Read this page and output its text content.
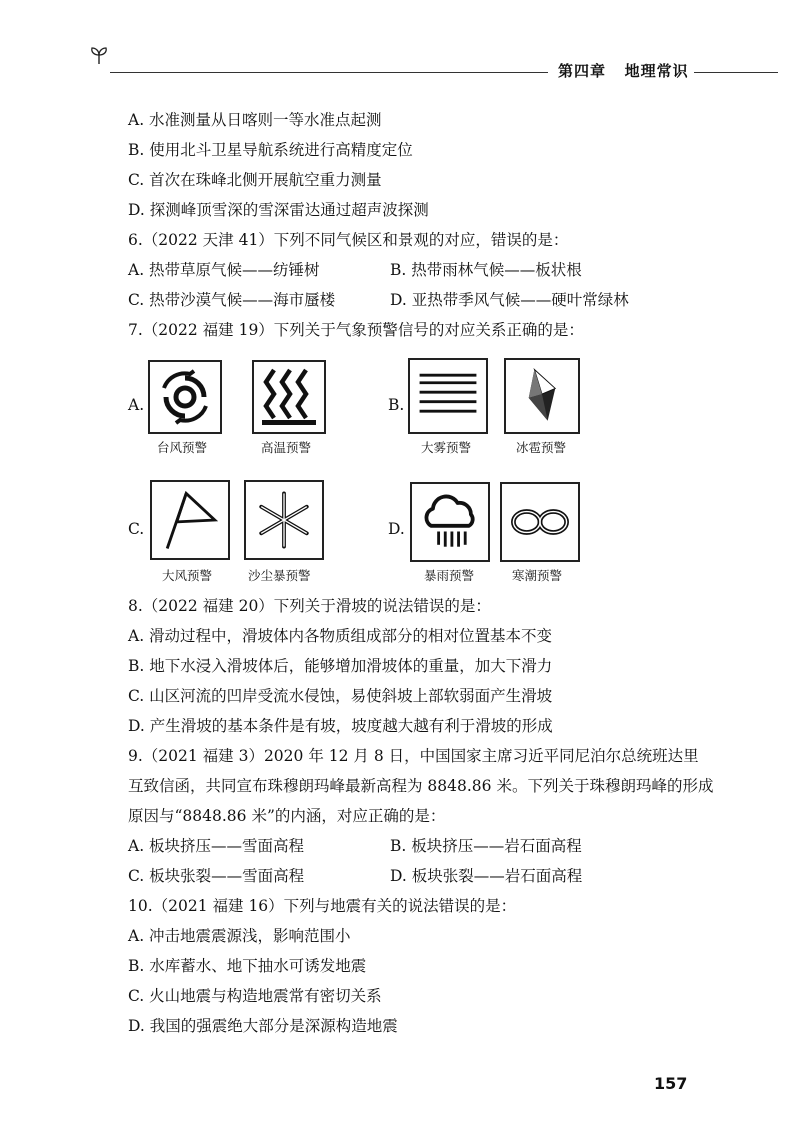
第四章   地理常识
A. 水准测量从日喀则一等水准点起测
B. 使用北斗卫星导航系统进行高精度定位
C. 首次在珠峰北侧开展航空重力测量
D. 探测峰顶雪深的雪深雷达通过超声波探测
6.（2022 天津 41）下列不同气候区和景观的对应，错误的是：
A. 热带草原气候——纺锤树	B. 热带雨林气候——板状根
C. 热带沙漠气候——海市蜃楼	D. 亚热带季风气候——硬叶常绿林
7.（2022 福建 19）下列关于气象预警信号的对应关系正确的是：
A.	B.
C.	D.
台风预警	高温预警	大雾预警	冰雹预警
大风预警	沙尘暴预警	暴雨预警	寒潮预警
8.（2022 福建 20）下列关于滑坡的说法错误的是：
A. 滑动过程中，滑坡体内各物质组成部分的相对位置基本不变
B. 地下水浸入滑坡体后，能够增加滑坡体的重量，加大下滑力
C. 山区河流的凹岸受流水侵蚀，易使斜坡上部软弱面产生滑坡
D. 产生滑坡的基本条件是有坡，坡度越大越有利于滑坡的形成
9.（2021 福建 3）2020 年 12 月 8 日，中国国家主席习近平同尼泊尔总统班达里
互致信函，共同宣布珠穆朗玛峰最新高程为 8848.86 米。下列关于珠穆朗玛峰的形成
原因与“8848.86 米”的内涵，对应正确的是：
A. 板块挤压——雪面高程	B. 板块挤压——岩石面高程
C. 板块张裂——雪面高程	D. 板块张裂——岩石面高程
10.（2021 福建 16）下列与地震有关的说法错误的是：
A. 冲击地震震源浅，影响范围小
B. 水库蓄水、地下抽水可诱发地震
C. 火山地震与构造地震常有密切关系
D. 我国的强震绝大部分是深源构造地震
157
